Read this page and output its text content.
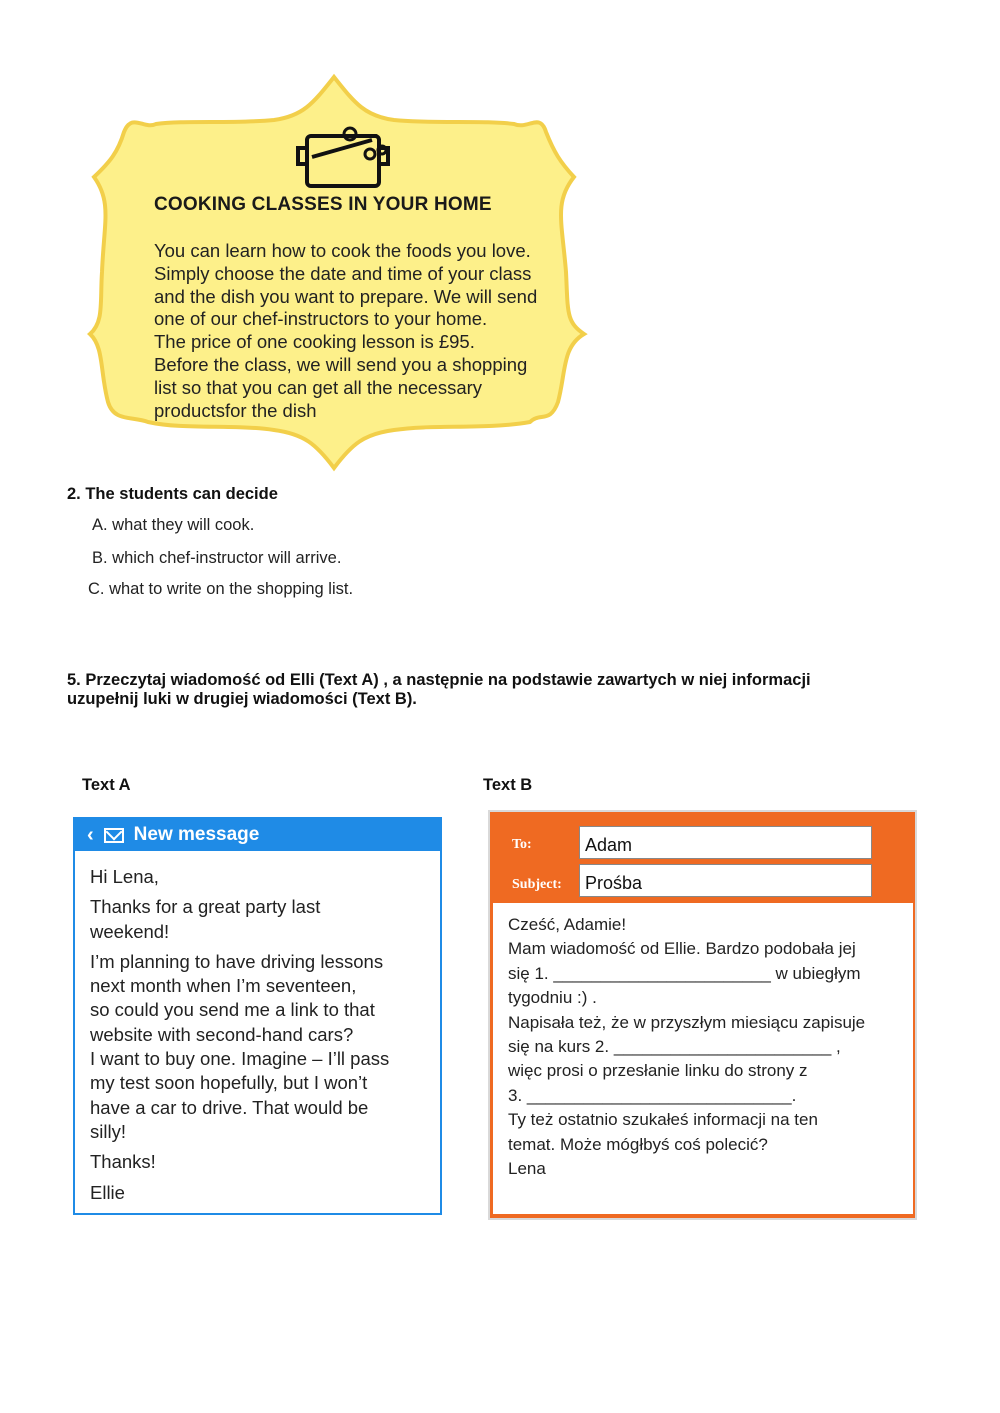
COOKING CLASSES IN YOUR HOME

You can learn how to cook the foods you love.

Simply choose the date and time of your class

and the dish you want to prepare. We will send

one of our chef-instructors to your home.

The price of one cooking lesson is £95.

Before the class, we will send you a shopping

list so that you can get all the necessary

productsfor the dish

2. The students can decide
A. what they will cook.
B. which chef-instructor will arrive.
C. what to write on the shopping list.
5. Przeczytaj wiadomość od Elli (Text A) , a następnie na podstawie zawartych w niej informacji
uzupełnij luki w drugiej wiadomości (Text B).
Text A	Text B
‹ New message

Hi Lena,

Thanks for a great party last
weekend!

I’m planning to have driving lessons
next month when I’m seventeen,
so could you send me a link to that
website with second-hand cars?
I want to buy one. Imagine – I’ll pass
my test soon hopefully, but I won’t
have a car to drive. That would be
silly!

Thanks!

Ellie

To:	Adam
Subject:	Prośba

Cześć, Adamie!

Mam wiadomość od Ellie. Bardzo podobała jej

się 1. _______________________ w ubiegłym

tygodniu :) .

Napisała też, że w przyszłym miesiącu zapisuje

się na kurs 2. _______________________ ,

więc prosi o przesłanie linku do strony z

3. ____________________________.

Ty też ostatnio szukałeś informacji na ten

temat. Może mógłbyś coś polecić?

Lena
